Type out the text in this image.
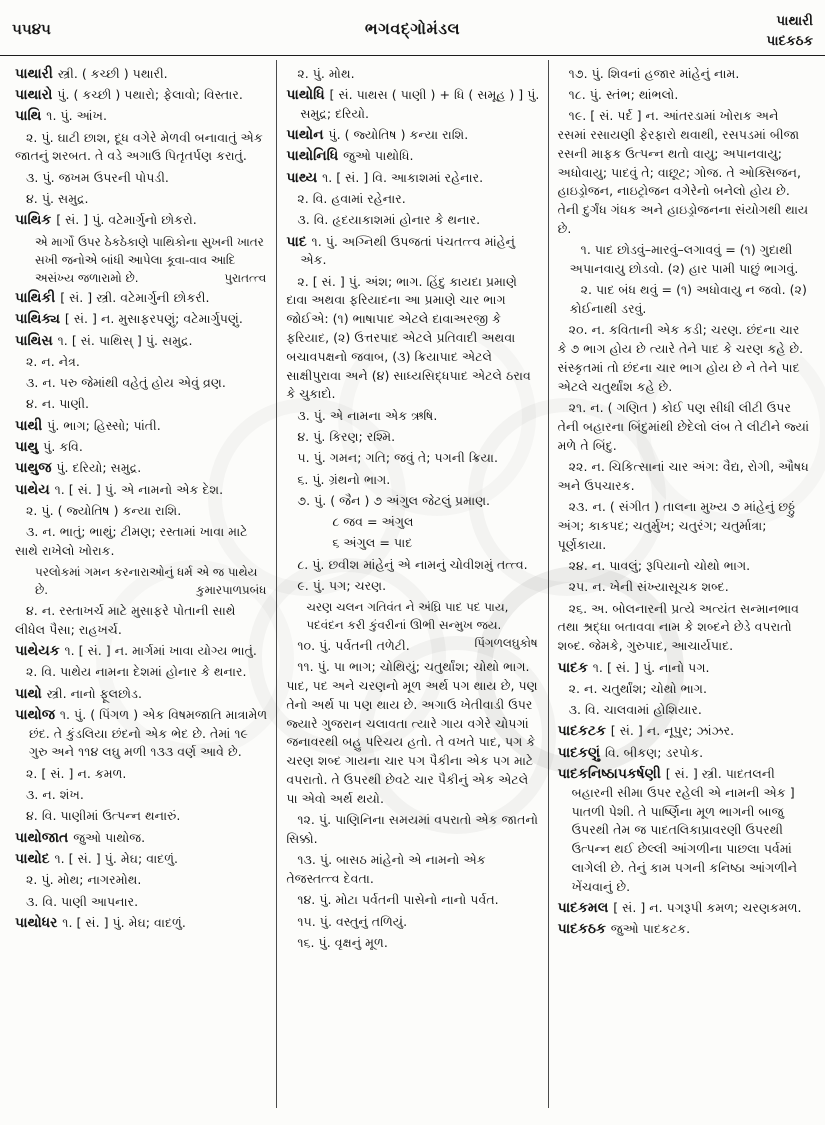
૫૫૪૫	ભગવદ્ગોમંડલ	પાથારી
પાદકઠક

પાથારી સ્ત્રી. ( કચ્છી ) પથારી.

પાથારો પું. ( કચ્છી ) પથારો; ફેલાવો; વિસ્તાર.

પાથિ ૧. પું. આંખ.

૨. પું. ઘાટી છાશ, દૂધ વગેરે મેળવી બનાવાતું એક જાતનું શરબત. તે વડે અગાઉ પિતૃતર્પણ કરાતું.

૩. પું. જખમ ઉપરની પોપડી.

૪. પું. સમુદ્ર.

પાથિક [ સં. ] પું. વટેમાર્ગુનો છોકરો.

એ માર્ગો ઉપર ઠેકઠેકાણે પાથિકોના સુખની ખાતર સખી જનોએ બાંધી આપેલા કૂવા-વાવ આદિ અસંખ્ય જળારામો છે.	પુરાતત્ત્વ

પાથિકી [ સં. ] સ્ત્રી. વટેમાર્ગુની છોકરી.

પાથિક્ય [ સં. ] ન. મુસાફરપણું; વટેમાર્ગુપણું.

પાથિસ ૧. [ સં. પાથિસ્ ] પું. સમુદ્ર.

૨. ન. નેત્ર.

૩. ન. પરુ જેમાંથી વહેતું હોય એવું વ્રણ.

૪. ન. પાણી.

પાથી પું. ભાગ; હિસ્સો; પાંતી.

પાથુ પું. કવિ.

પાથુજ પું. દરિયો; સમુદ્ર.

પાથેય ૧. [ સં. ] પું. એ નામનો એક દેશ.

૨. પું. ( જ્યોતિષ ) કન્યા રાશિ.

૩. ન. ભાતું; ભાથું; ટીમણ; રસ્તામાં ખાવા માટે સાથે રાખેલો ખોરાક.

પરલોકમાં ગમન કરનારાઓનું ધર્મ એ જ પાથેય છે.	કુમારપાળપ્રબંધ

૪. ન. રસ્તાખર્ચ માટે મુસાફરે પોતાની સાથે લીધેલ પૈસા; રાહખર્ચ.

પાથેયક ૧. [ સં. ] ન. માર્ગમાં ખાવા યોગ્ય ભાતું.

૨. વિ. પાથેય નામના દેશમાં હોનાર કે થનાર.

પાથો સ્ત્રી. નાનો ફૂલછોડ.

પાથોજ ૧. પું. ( પિંગળ ) એક વિષમજાતિ માત્રામેળ છંદ. તે કુંડલિયા છંદનો એક ભેદ છે. તેમાં ૧૯ ગુરુ અને ૧૧૪ લઘુ મળી ૧૩૩ વર્ણ આવે છે.

૨. [ સં. ] ન. કમળ.

૩. ન. શંખ.

૪. વિ. પાણીમાં ઉત્પન્ન થનારું.

પાથોજાત જુઓ પાથોજ.

પાથોદ ૧. [ સં. ] પું. મેઘ; વાદળું.

૨. પું. મોથ; નાગરમોથ.

૩. વિ. પાણી આપનાર.

પાથોધર ૧. [ સં. ] પું. મેઘ; વાદળું.

૨. પું. મોથ.

પાથોધિ [ સં. પાથસ ( પાણી ) + ધિ ( સમૂહ ) ] પું. સમુદ્ર; દરિયો.

પાથોન પું. ( જ્યોતિષ ) કન્યા રાશિ.

પાથોનિધિ જુઓ પાથોધિ.

પાથ્ય ૧. [ સં. ] વિ. આકાશમાં રહેનાર.

૨. વિ. હવામાં રહેનાર.

૩. વિ. હૃદયાકાશમાં હોનાર કે થનાર.

પાદ ૧. પું. અગ્નિથી ઉપજતાં પંચતત્ત્વ માંહેનું એક.

૨. [ સં. ] પું. અંશ; ભાગ. હિંદુ કાયદા પ્રમાણે દાવા અથવા ફરિયાદના આ પ્રમાણે ચાર ભાગ જોઈએ: (૧) ભાષાપાદ એટલે દાવાઅરજી કે ફરિયાદ, (૨) ઉત્તરપાદ એટલે પ્રતિવાદી અથવા બચાવપક્ષનો જવાબ, (૩) ક્રિયાપાદ એટલે સાક્ષીપુરાવા અને (૪) સાધ્યસિદ્ધપાદ એટલે ઠરાવ કે ચુકાદો.

૩. પું. એ નામના એક ઋષિ.

૪. પું. કિરણ; રશ્મિ.

૫. પું. ગમન; ગતિ; જવું તે; પગની ક્રિયા.

૬. પું. ગ્રંથનો ભાગ.

૭. પું. ( જૈન ) ૭ અંગુલ જેટલું પ્રમાણ.

૮ જવ = અંગુલ

૬ અંગુલ = પાદ

૮. પું. છવીશ માંહેનું એ નામનું ચોવીશમું તત્ત્વ.

૯. પું. પગ; ચરણ.

ચરણ ચલન ગતિવંત ને અંઘ્રિ પાદ પદ પાય,
પદવંદન કરી કુંવરીનાં ઊભી સન્મુખ જય.
પિંગળલઘુકોષ

૧૦. પું. પર્વતની તળેટી.

૧૧. પું. પા ભાગ; ચોથિયું; ચતુર્થાંશ; ચોથો ભાગ. પાદ, પદ અને ચરણનો મૂળ અર્થ પગ થાય છે, પણ તેનો અર્થ પા પણ થાય છે. અગાઉ ખેતીવાડી ઉપર જ્યારે ગુજરાન ચલાવતા ત્યારે ગાય વગેરે ચોપગાં જનાવરથી બહુ પરિચય હતો. તે વખતે પાદ, પગ કે ચરણ શબ્દ ગાયના ચાર પગ પૈકીના એક પગ માટે વપરાતો. તે ઉપરથી છેવટે ચાર પૈકીનું એક એટલે પા એવો અર્થ થયો.

૧૨. પું. પાણિનિના સમયમાં વપરાતો એક જાતનો સિક્કો.

૧૩. પું. બાસઠ માંહેનો એ નામનો એક તેજસ્તત્ત્વ દેવતા.

૧૪. પું. મોટા પર્વતની પાસેનો નાનો પર્વત.

૧૫. પું. વસ્તુનું તળિયું.

૧૬. પું. વૃક્ષનું મૂળ.

૧૭. પું. શિવનાં હજાર માંહેનું નામ.

૧૮. પું. સ્તંભ; થાંભલો.

૧૯. [ સં. પર્દ ] ન. આંતરડામાં ખોરાક અને રસમાં રસાયણી ફેરફારો થવાથી, રસપડમાં બીજા રસની માફક ઉત્પન્ન થતો વાયુ; અપાનવાયુ; અધોવાયુ; પાદવું તે; વાછૂટ; ગોજ. તે ઓક્સિજન, હાઇડ્રોજન, નાઇટ્રોજન વગેરેનો બનેલો હોય છે. તેની દુર્ગંધ ગંધક અને હાઇડ્રોજનના સંયોગથી થાય છે.

૧. પાદ છોડવું–મારવું–લગાવવું = (૧) ગુદાથી અપાનવાયુ છોડવો. (૨) હાર પામી પાછું ભાગવું.

૨. પાદ બંધ થવું = (૧) અધોવાયુ ન જવો. (૨) કોઈનાથી ડરવું.

૨૦. ન. કવિતાની એક કડી; ચરણ. છંદના ચાર કે ૭ ભાગ હોય છે ત્યારે તેને પાદ કે ચરણ કહે છે. સંસ્કૃતમાં તો છંદના ચાર ભાગ હોય છે ને તેને પાદ એટલે ચતુર્થાંશ કહે છે.

૨૧. ન. ( ગણિત ) કોઈ પણ સીધી લીટી ઉપર તેની બહારના બિંદુમાંથી છેદેલો લંબ તે લીટીને જ્યાં મળે તે બિંદુ.

૨૨. ન. ચિકિત્સાનાં ચાર અંગ: વૈદ્ય, રોગી, ઔષધ અને ઉપચારક.

૨૩. ન. ( સંગીત ) તાલના મુખ્ય ૭ માંહેનું છઠ્ઠું અંગ; કાકપદ; ચતુર્મુખ; ચતુરંગ; ચતુર્માત્રા; પૂર્ણકાયા.

૨૪. ન. પાવલું; રૂપિયાનો ચોથો ભાગ.

૨૫. ન. ખેની સંખ્યાસૂચક શબ્દ.

૨૬. અ. બોલનારની પ્રત્યે અત્યંત સન્માનભાવ તથા શ્રદ્ધા બતાવવા નામ કે શબ્દને છેડે વપરાતો શબ્દ. જેમકે, ગુરુપાદ, આચાર્યપાદ.

પાદક ૧. [ સં. ] પું. નાનો પગ.

૨. ન. ચતુર્થાંશ; ચોથો ભાગ.

૩. વિ. ચાલવામાં હોશિયાર.

પાદકટક [ સં. ] ન. નૂપુર; ઝાંઝર.

પાદકણું વિ. બીકણ; ડરપોક.

પાદકનિષ્ઠાપકર્ષણી [ સં. ] સ્ત્રી. પાદતલની બહારની સીમા ઉપર રહેલી એ નામની એક ] પાતળી પેશી. તે પાર્ષ્ણિના મૂળ ભાગની બાજુ ઉપરથી તેમ જ પાદતલિકાપ્રાવરણી ઉપરથી ઉત્પન્ન થઈ છેલ્લી આંગળીના પાછલા પર્વમાં લાગેલી છે. તેનું કામ પગની કનિષ્ઠા આંગળીને ખેંચવાનું છે.

પાદકમલ [ સં. ] ન. પગરૂપી કમળ; ચરણકમળ.

પાદકઠક જુઓ પાદકટક.
